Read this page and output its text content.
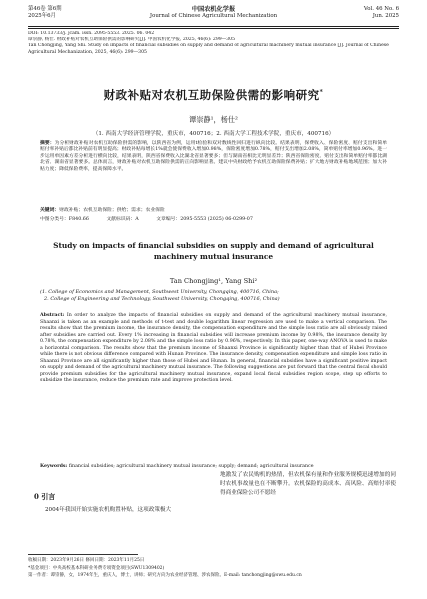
第46卷 第6期
2025年6月
中国农机化学报
Journal of Chinese Agricultural Mechanization
Vol. 46 No. 6
Jun. 2025
DOI: 10.13733/j. jcam. issn. 2095-5553. 2025. 06. 042
谭崇静, 杨仕. 财政补贴对农机互助保险供需的影响研究[J]. 中国农机化学报, 2025, 46(6): 299—305
Tan Chongjing, Yang Shi. Study on impacts of financial subsidies on supply and demand of agricultural machinery mutual insurance [J]. Journal of Chinese Agricultural Mechanization, 2025, 46(6): 299—305
财政补贴对农机互助保险供需的影响研究*
谭崇静¹，杨仕²
（1. 西南大学经济管理学院，重庆市，400716；2. 西南大学工程技术学院，重庆市，400716）
摘要：为分析财政补贴对农机互助保险供需的影响，以陕西省为例，运用t检验和双对数线性回归进行纵向比较。结果表明，保费收入、保险密度、赔付支出和简单赔付率补贴后都比补贴前有明显提高；财政补贴每增长1%就会使保费收入增加0.98%，保险密度增加0.78%，赔付支出增加2.08%，简单赔付率增加0.96%。进一步运用单因素方差分析进行横向比较，结果表明，陕西省保费收入比湖北省显著要多；但与湖南省相比无明显差异；陕西省保险密度、赔付支出和简单赔付率都比湖北省、湖南省显著要多。总体而言，财政补贴对农机互助保险供需的正向影响显著。建议中央财政给予农机互助保险保费补贴；扩大地方财政补贴地域范围；加大补贴力度；降低保险费率，提高保障水平。
关键词：财政补贴；农机互助保险；供给；需求；农业保险
中图分类号：F840.66	文献标识码：A	文章编号：2095-5553 (2025) 06-0299-07
Study on impacts of financial subsidies on supply and demand of agricultural machinery mutual insurance
Tan Chongjing¹, Yang Shi²
(1. College of Economics and Management, Southwest University, Chongqing, 400716, China;
2. College of Engineering and Technology, Southwest University, Chongqing, 400716, China)
Abstract: In order to analyze the impacts of financial subsidies on supply and demand of the agricultural machinery mutual insurance, Shaanxi is taken as an example and methods of t-test and double logarithm linear regression are used to make a vertical comparison. The results show that the premium income, the insurance density, the compensation expenditure and the simple loss ratio are all obviously raised after subsidies are carried out. Every 1% increasing in financial subsidies will increase premium income by 0.98%, the insurance density by 0.78%, the compensation expenditure by 2.08% and the simple loss ratio by 0.96%, respectively. In this paper, one-way ANOVA is used to make a horizontal comparison. The results show that the premium income of Shaanxi Province is significantly higher than that of Hubei Province while there is not obvious difference compared with Hunan Province. The insurance density, compensation expenditure and simple loss ratio in Shaanxi Province are all significantly higher than those of Hubei and Hunan. In general, financial subsidies have a significant positive impact on supply and demand of the agricultural machinery mutual insurance. The following suggestions are put forward that the central fiscal should provide premium subsidies for the agricultural machinery mutual insurance, expand local fiscal subsidies region scope, step up efforts to subsidize the insurance, reduce the premium rate and improve protection level.
Keywords: financial subsidies; agricultural machinery mutual insurance; supply; demand; agricultural insurance
0 引言
2004年我国开始实施农机购置补贴，这项政策极大
地激发了农民购机的热情，但农机保有量和作业服务规模迅速增加的同时农机事故量也在不断攀升。农机保险的高成本、高风险、高赔付率使得商业保险公司不愿经
收稿日期：2023年9月26日 修回日期：2023年11月25日
*基金项目：中央高校基本科研业务费专项资金项目(SWU1309402)
第一作者：谭崇静，女，1974年生，重庆人，博士，讲师；研究方向为农业经济管理、涉农保险。E-mail: tanchongjing@swu.edu.cn
